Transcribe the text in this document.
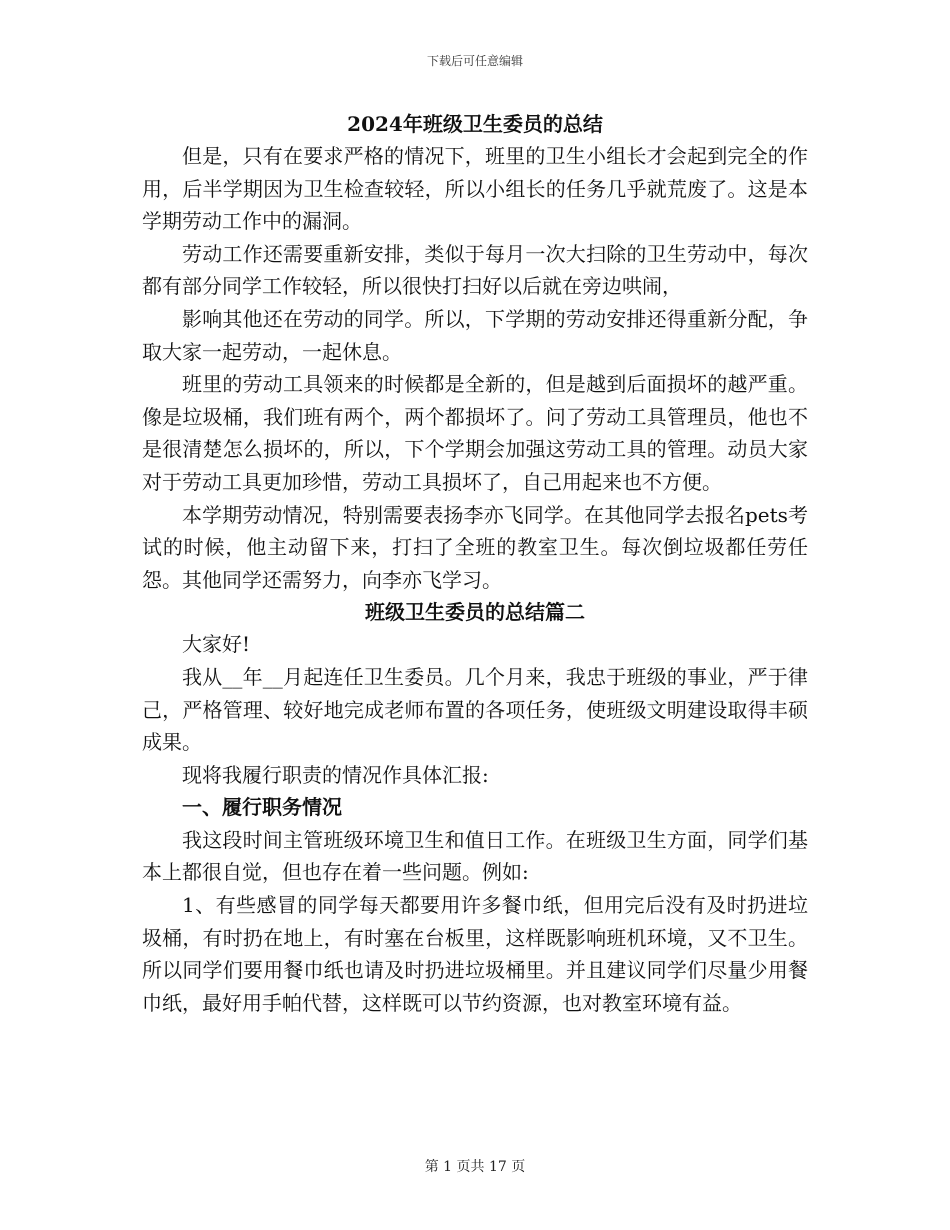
下载后可任意编辑

2024年班级卫生委员的总结

但是，只有在要求严格的情况下，班里的卫生小组长才会起到完全的作用，后半学期因为卫生检查较轻，所以小组长的任务几乎就荒废了。这是本学期劳动工作中的漏洞。

劳动工作还需要重新安排，类似于每月一次大扫除的卫生劳动中，每次都有部分同学工作较轻，所以很快打扫好以后就在旁边哄闹，

影响其他还在劳动的同学。所以，下学期的劳动安排还得重新分配，争取大家一起劳动，一起休息。

班里的劳动工具领来的时候都是全新的，但是越到后面损坏的越严重。像是垃圾桶，我们班有两个，两个都损坏了。问了劳动工具管理员，他也不是很清楚怎么损坏的，所以，下个学期会加强这劳动工具的管理。动员大家对于劳动工具更加珍惜，劳动工具损坏了，自己用起来也不方便。

本学期劳动情况，特别需要表扬李亦飞同学。在其他同学去报名pets考试的时候，他主动留下来，打扫了全班的教室卫生。每次倒垃圾都任劳任怨。其他同学还需努力，向李亦飞学习。

班级卫生委员的总结篇二

大家好!

我从__年__月起连任卫生委员。几个月来，我忠于班级的事业，严于律己，严格管理、较好地完成老师布置的各项任务，使班级文明建设取得丰硕成果。

现将我履行职责的情况作具体汇报:

一、履行职务情况

我这段时间主管班级环境卫生和值日工作。在班级卫生方面，同学们基本上都很自觉，但也存在着一些问题。例如:

1、有些感冒的同学每天都要用许多餐巾纸，但用完后没有及时扔进垃圾桶，有时扔在地上，有时塞在台板里，这样既影响班机环境，又不卫生。所以同学们要用餐巾纸也请及时扔进垃圾桶里。并且建议同学们尽量少用餐巾纸，最好用手帕代替，这样既可以节约资源，也对教室环境有益。

第 1 页共 17 页
